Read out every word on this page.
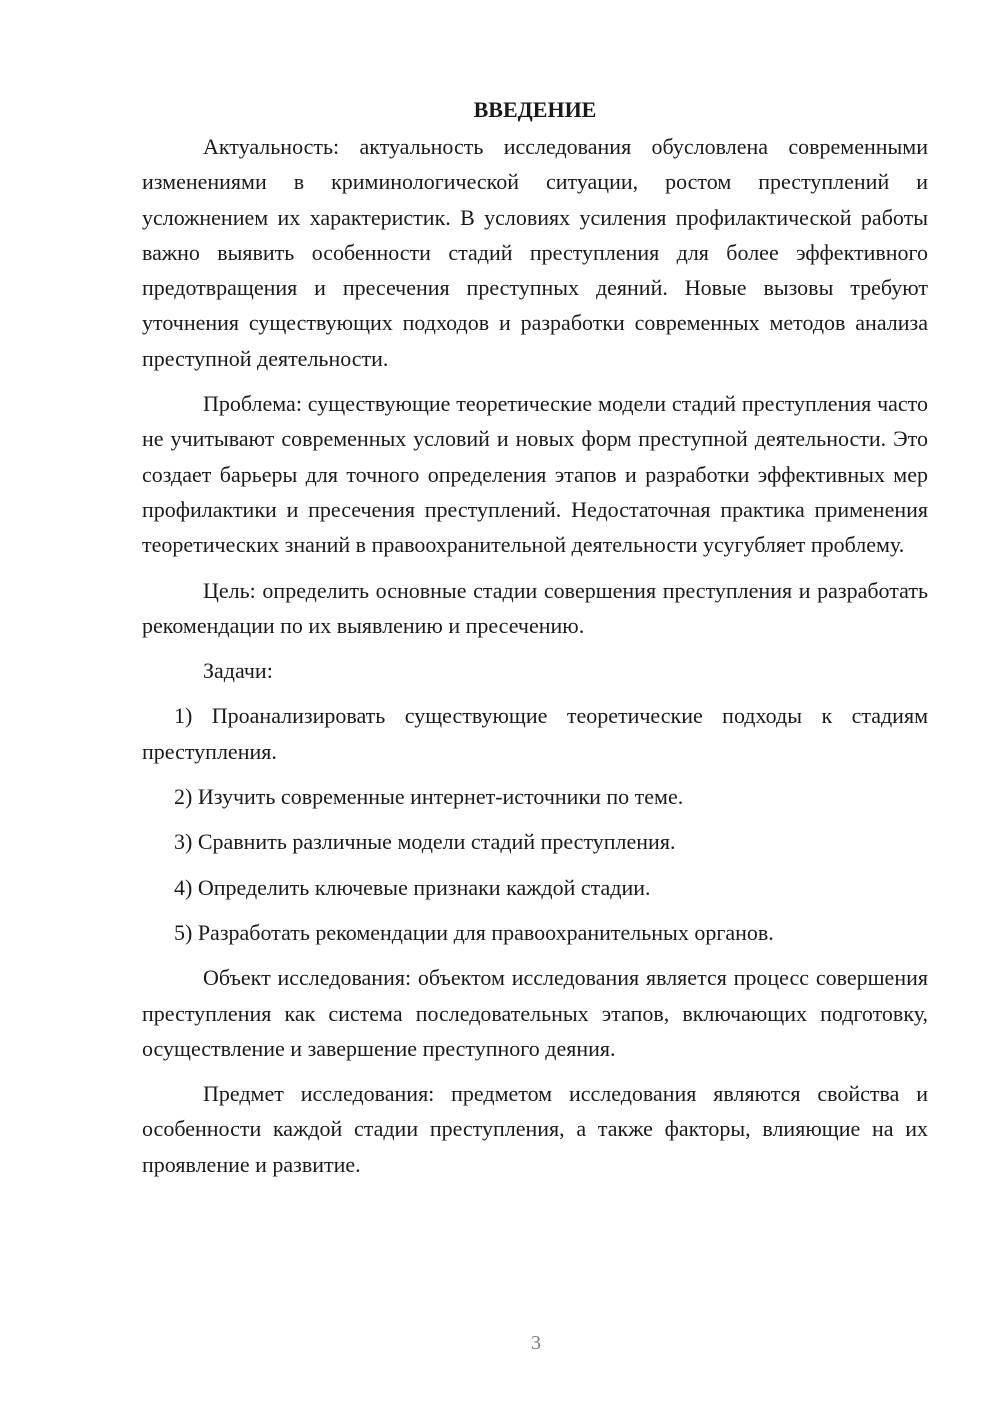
ВВЕДЕНИЕ

Актуальность: актуальность исследования обусловлена современными изменениями в криминологической ситуации, ростом преступлений и усложнением их характеристик. В условиях усиления профилактической работы важно выявить особенности стадий преступления для более эффективного предотвращения и пресечения преступных деяний. Новые вызовы требуют уточнения существующих подходов и разработки современных методов анализа преступной деятельности.

Проблема: существующие теоретические модели стадий преступления часто не учитывают современных условий и новых форм преступной деятельности. Это создает барьеры для точного определения этапов и разработки эффективных мер профилактики и пресечения преступлений. Недостаточная практика применения теоретических знаний в правоохранительной деятельности усугубляет проблему.

Цель: определить основные стадии совершения преступления и разработать рекомендации по их выявлению и пресечению.

Задачи:

1) Проанализировать существующие теоретические подходы к стадиям преступления.

2) Изучить современные интернет-источники по теме.

3) Сравнить различные модели стадий преступления.

4) Определить ключевые признаки каждой стадии.

5) Разработать рекомендации для правоохранительных органов.

Объект исследования: объектом исследования является процесс совершения преступления как система последовательных этапов, включающих подготовку, осуществление и завершение преступного деяния.

Предмет исследования: предметом исследования являются свойства и особенности каждой стадии преступления, а также факторы, влияющие на их проявление и развитие.

3
